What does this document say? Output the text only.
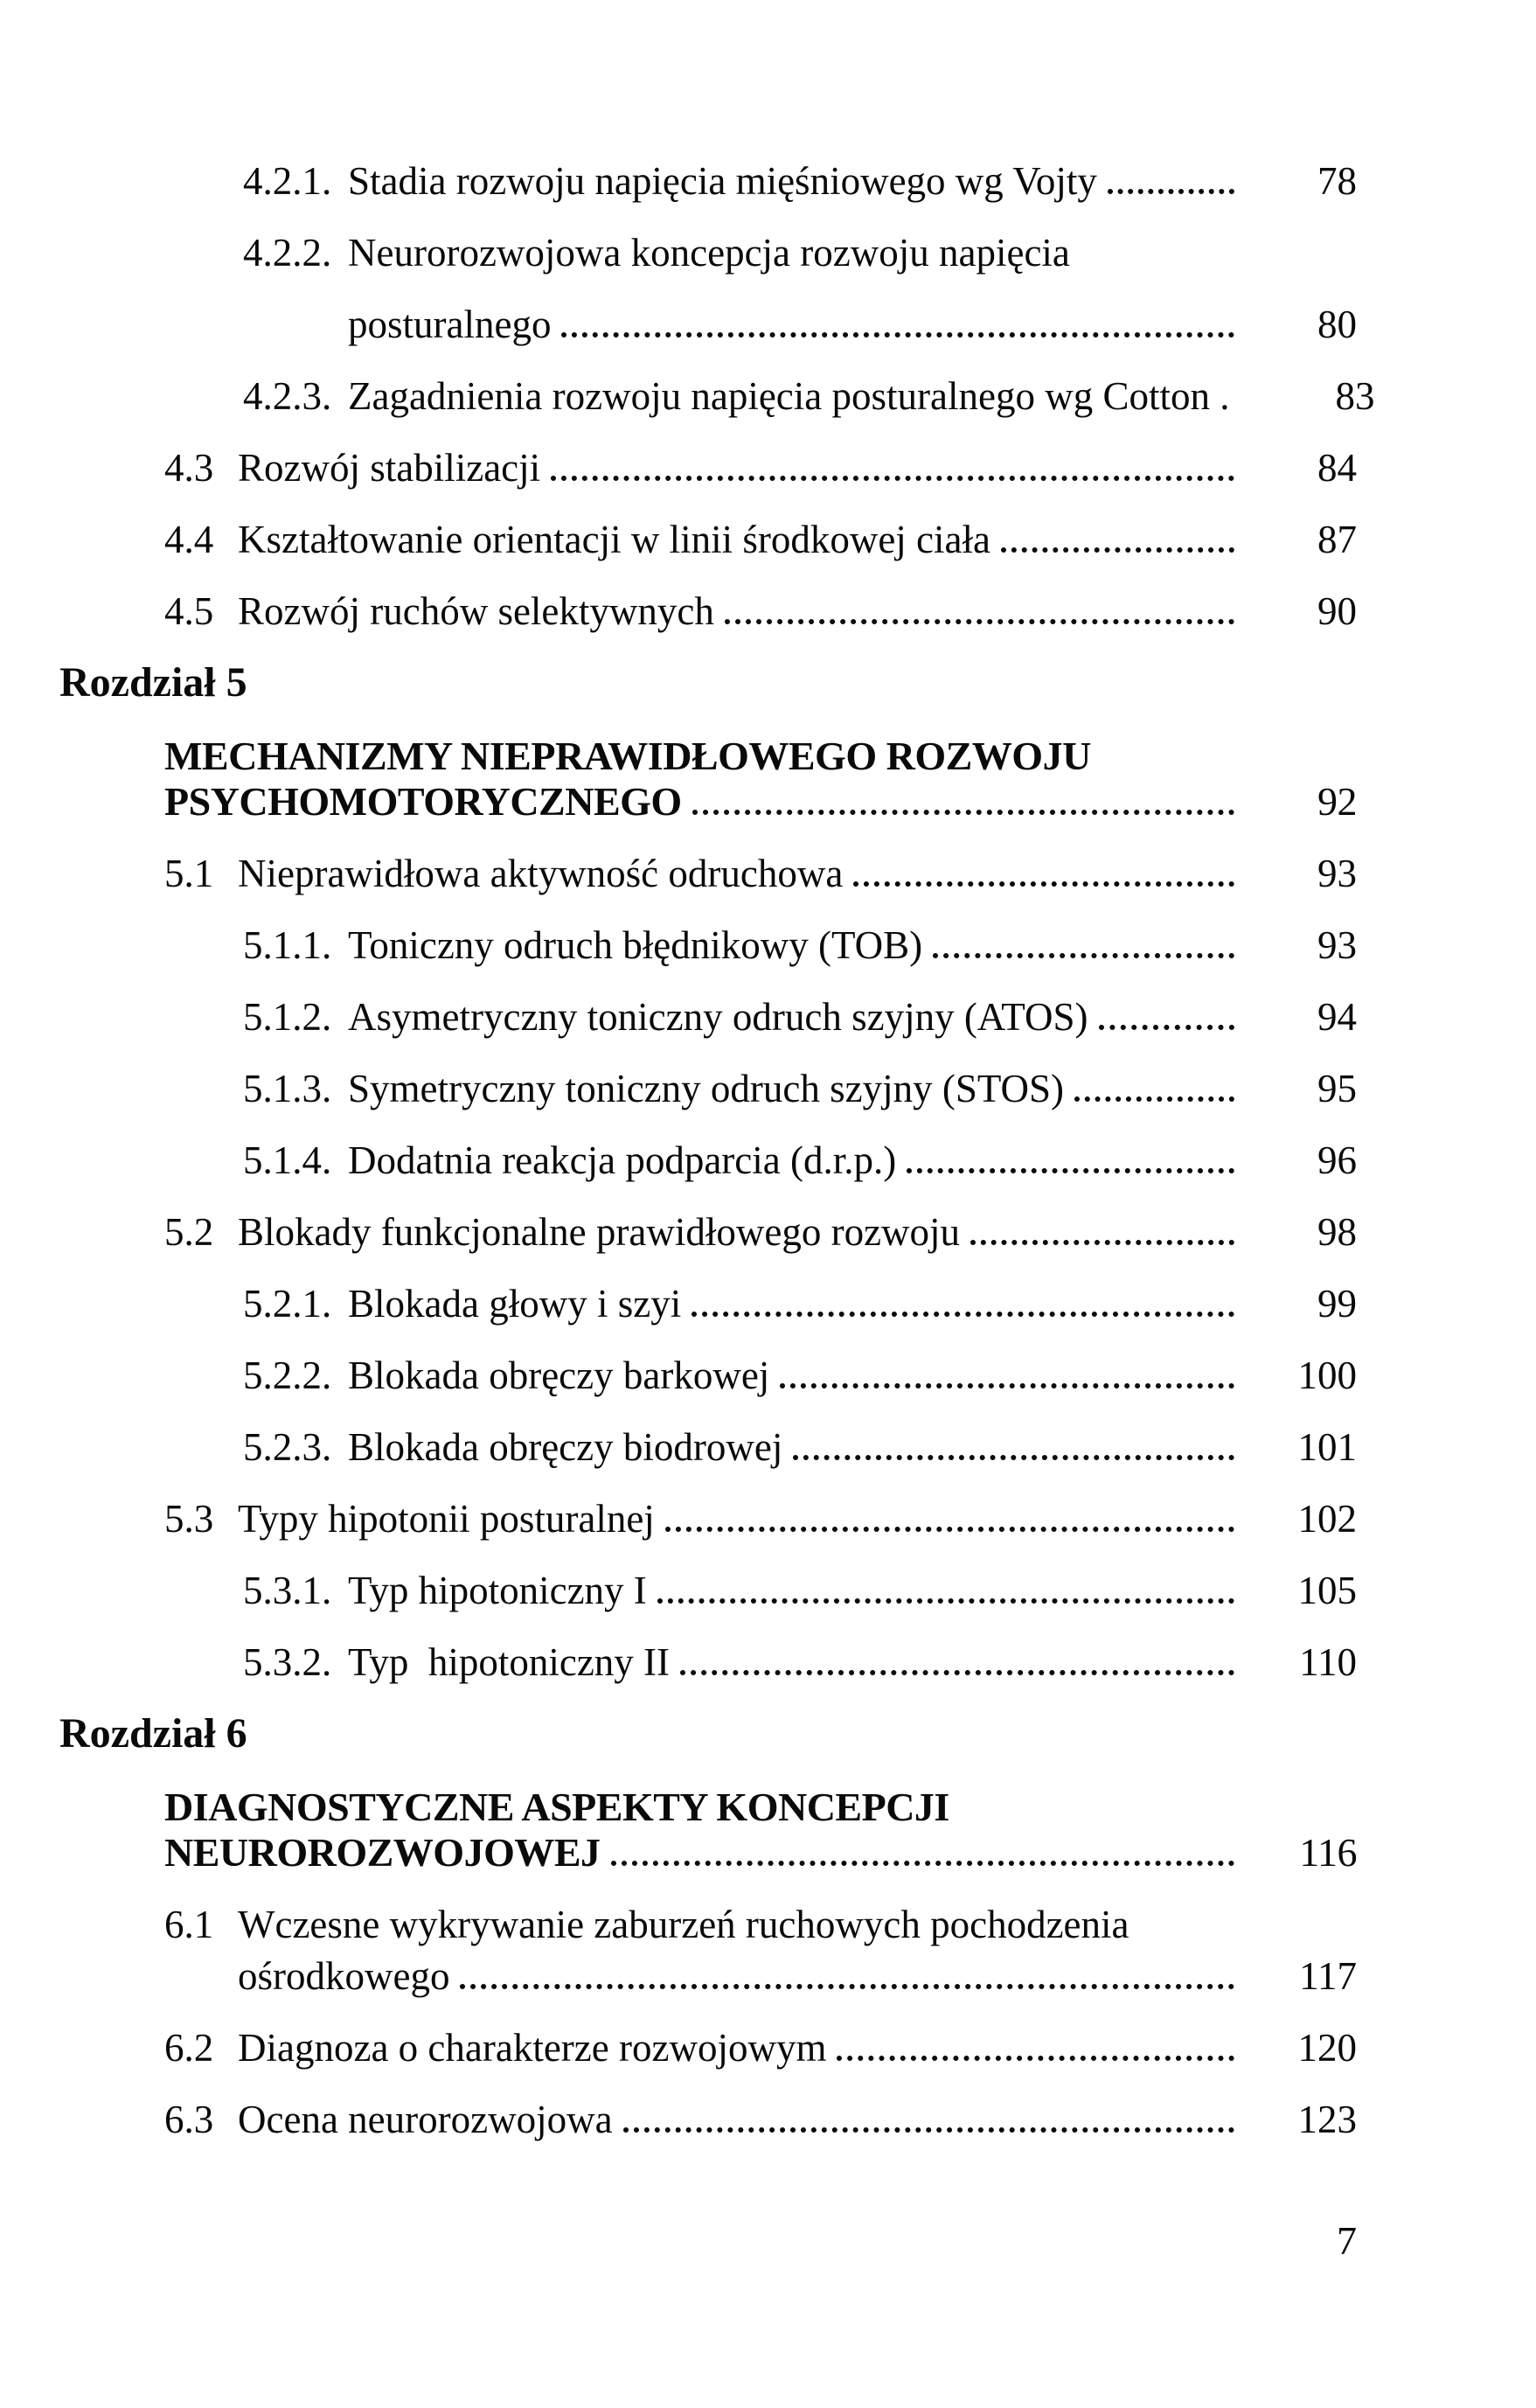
4.2.1. Stadia rozwoju napięcia mięśniowego wg Vojty	78
4.2.2. Neurorozwojowa koncepcja rozwoju napięcia
posturalnego	80
4.2.3. Zagadnienia rozwoju napięcia posturalnego wg Cotton .	83
4.3 Rozwój stabilizacji	84
4.4 Kształtowanie orientacji w linii środkowej ciała	87
4.5 Rozwój ruchów selektywnych	90
Rozdział 5
MECHANIZMY NIEPRAWIDŁOWEGO ROZWOJU
PSYCHOMOTORYCZNEGO	92
5.1 Nieprawidłowa aktywność odruchowa	93
5.1.1. Toniczny odruch błędnikowy (TOB)	93
5.1.2. Asymetryczny toniczny odruch szyjny (ATOS)	94
5.1.3. Symetryczny toniczny odruch szyjny (STOS)	95
5.1.4. Dodatnia reakcja podparcia (d.r.p.)	96
5.2 Blokady funkcjonalne prawidłowego rozwoju	98
5.2.1. Blokada głowy i szyi	99
5.2.2. Blokada obręczy barkowej	100
5.2.3. Blokada obręczy biodrowej	101
5.3 Typy hipotonii posturalnej	102
5.3.1. Typ hipotoniczny I	105
5.3.2. Typ  hipotoniczny II	110
Rozdział 6
DIAGNOSTYCZNE ASPEKTY KONCEPCJI
NEUROROZWOJOWEJ	116
6.1 Wczesne wykrywanie zaburzeń ruchowych pochodzenia
ośrodkowego	117
6.2 Diagnoza o charakterze rozwojowym	120
6.3 Ocena neurorozwojowa	123
7
